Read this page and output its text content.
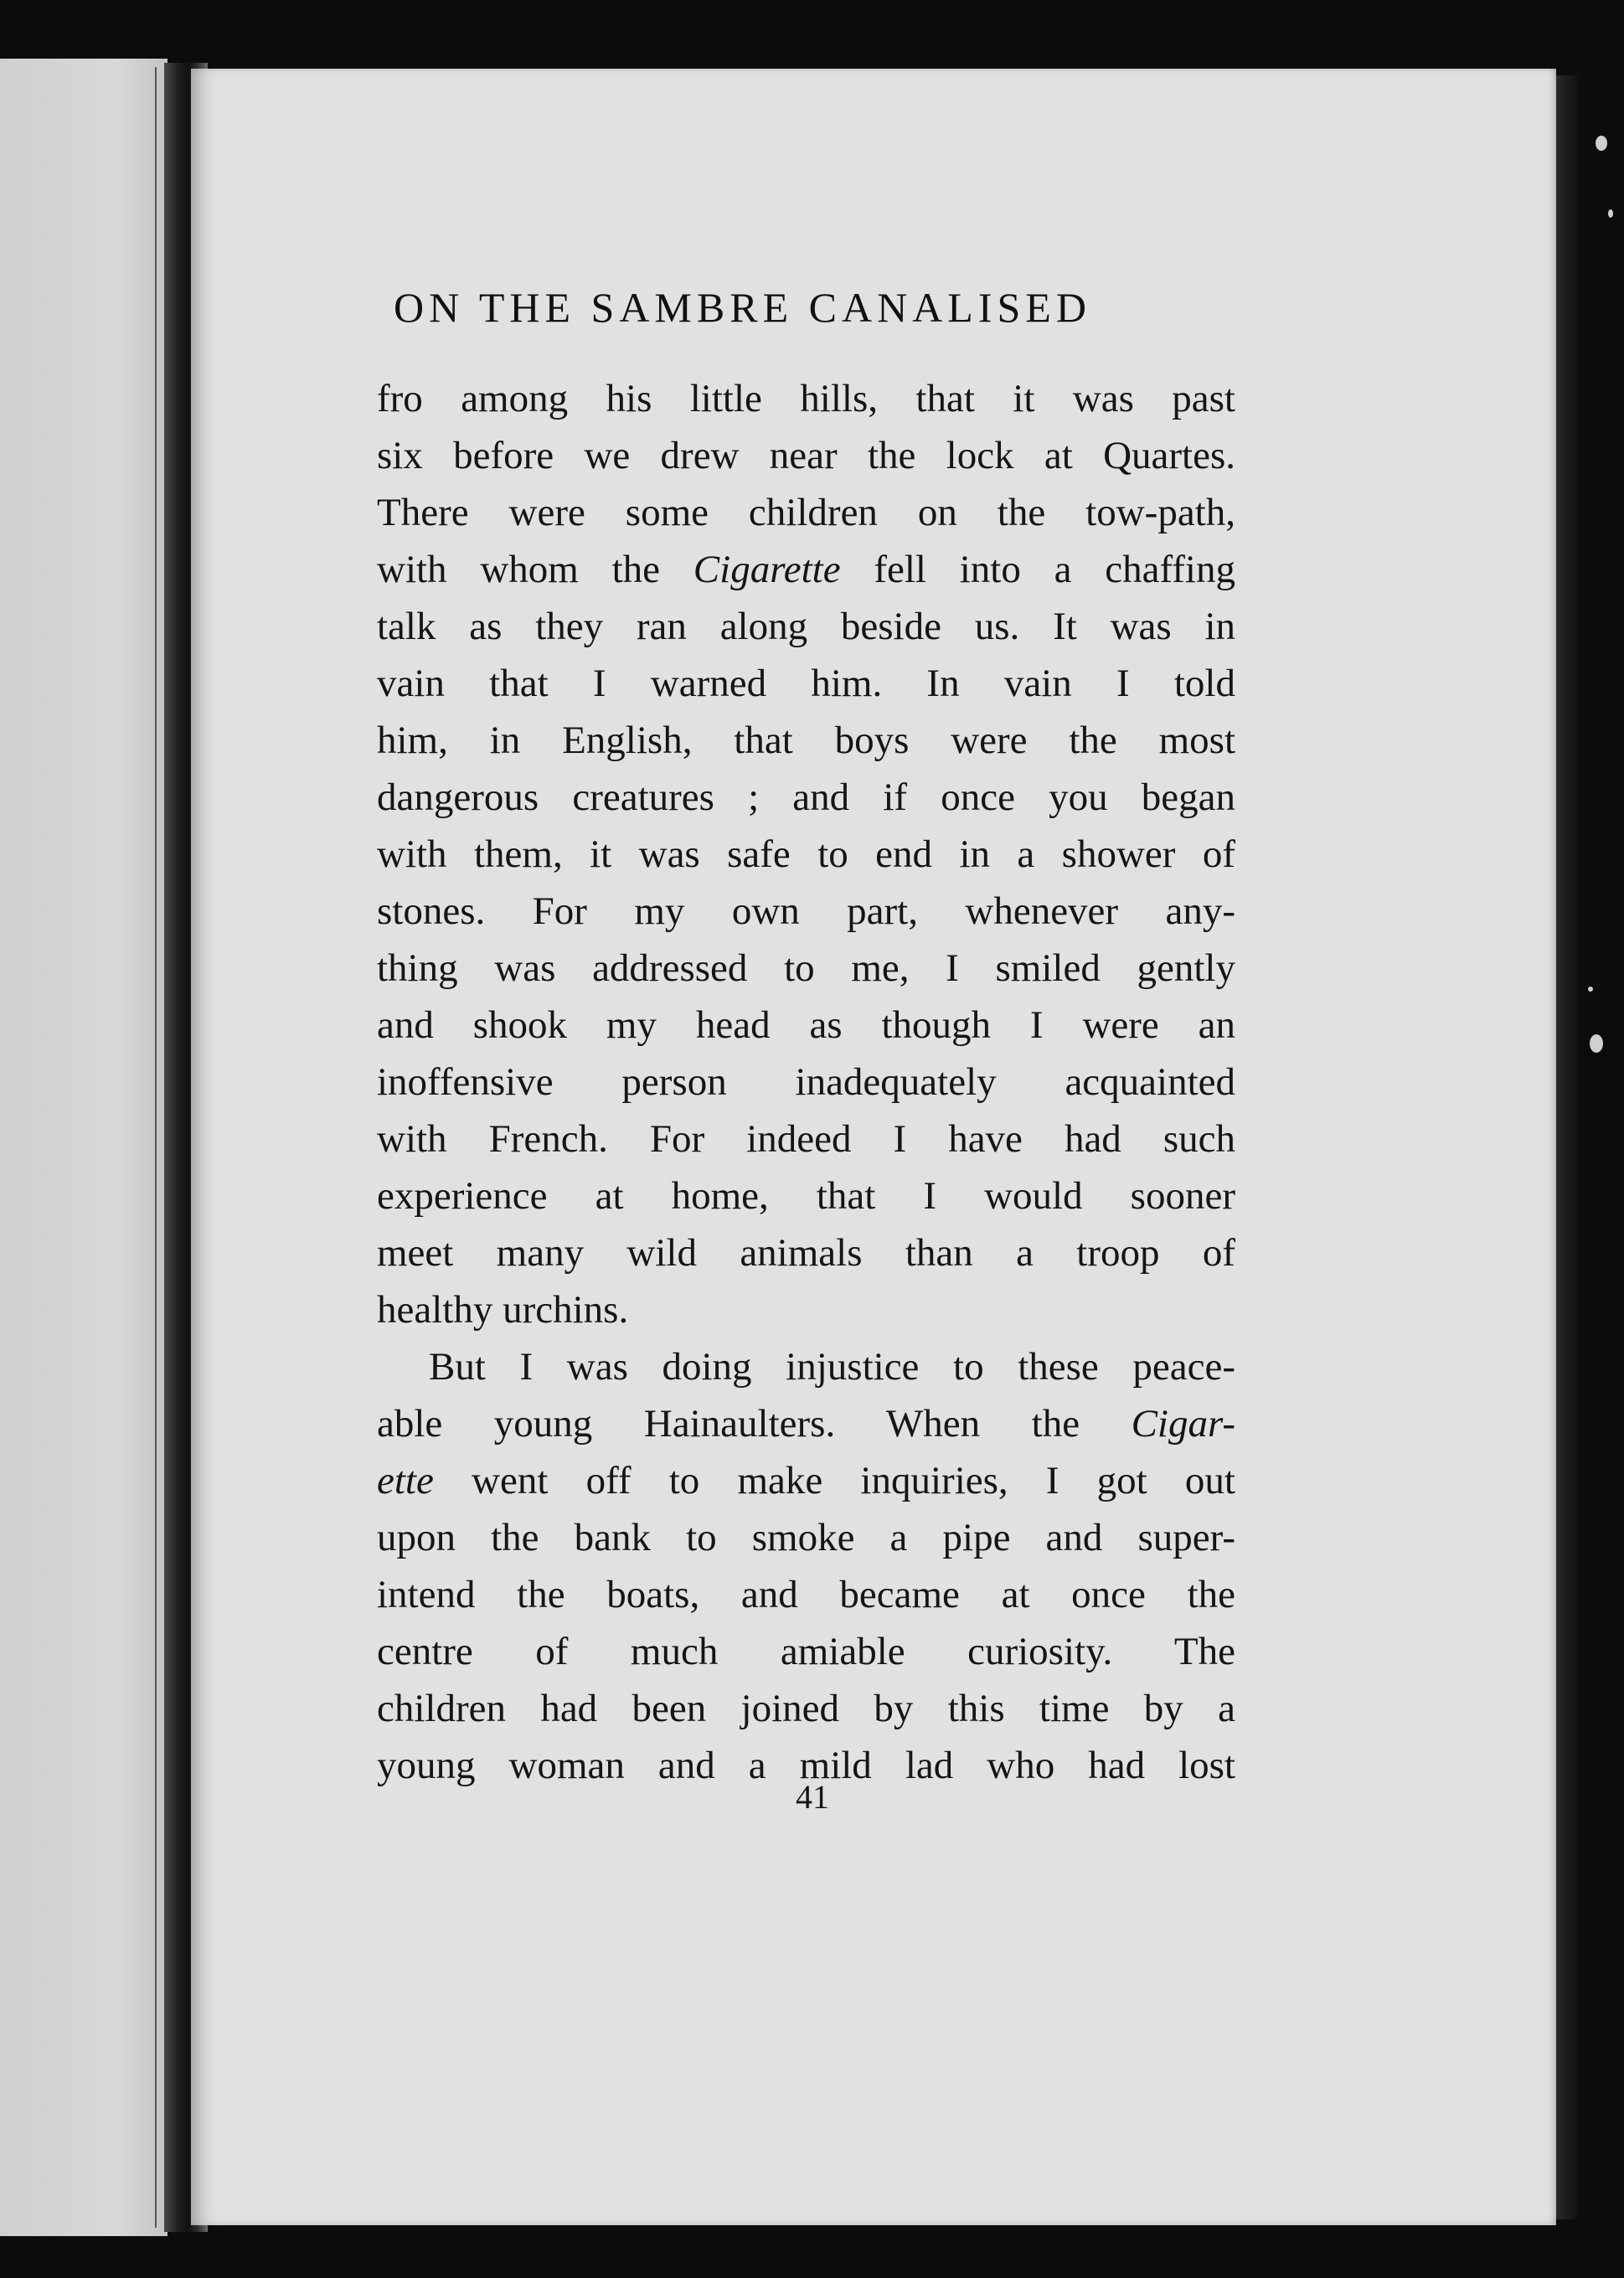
ON THE SAMBRE CANALISED
fro among his little hills, that it was past
six before we drew near the lock at Quartes.
There were some children on the tow-path,
with whom the Cigarette fell into a chaffing
talk as they ran along beside us. It was in
vain that I warned him. In vain I told
him, in English, that boys were the most
dangerous creatures ; and if once you began
with them, it was safe to end in a shower of
stones. For my own part, whenever any-
thing was addressed to me, I smiled gently
and shook my head as though I were an
inoffensive person inadequately acquainted
with French. For indeed I have had such
experience at home, that I would sooner
meet many wild animals than a troop of
healthy urchins.
But I was doing injustice to these peace-
able young Hainaulters. When the Cigar-
ette went off to make inquiries, I got out
upon the bank to smoke a pipe and super-
intend the boats, and became at once the
centre of much amiable curiosity. The
children had been joined by this time by a
young woman and a mild lad who had lost
41
